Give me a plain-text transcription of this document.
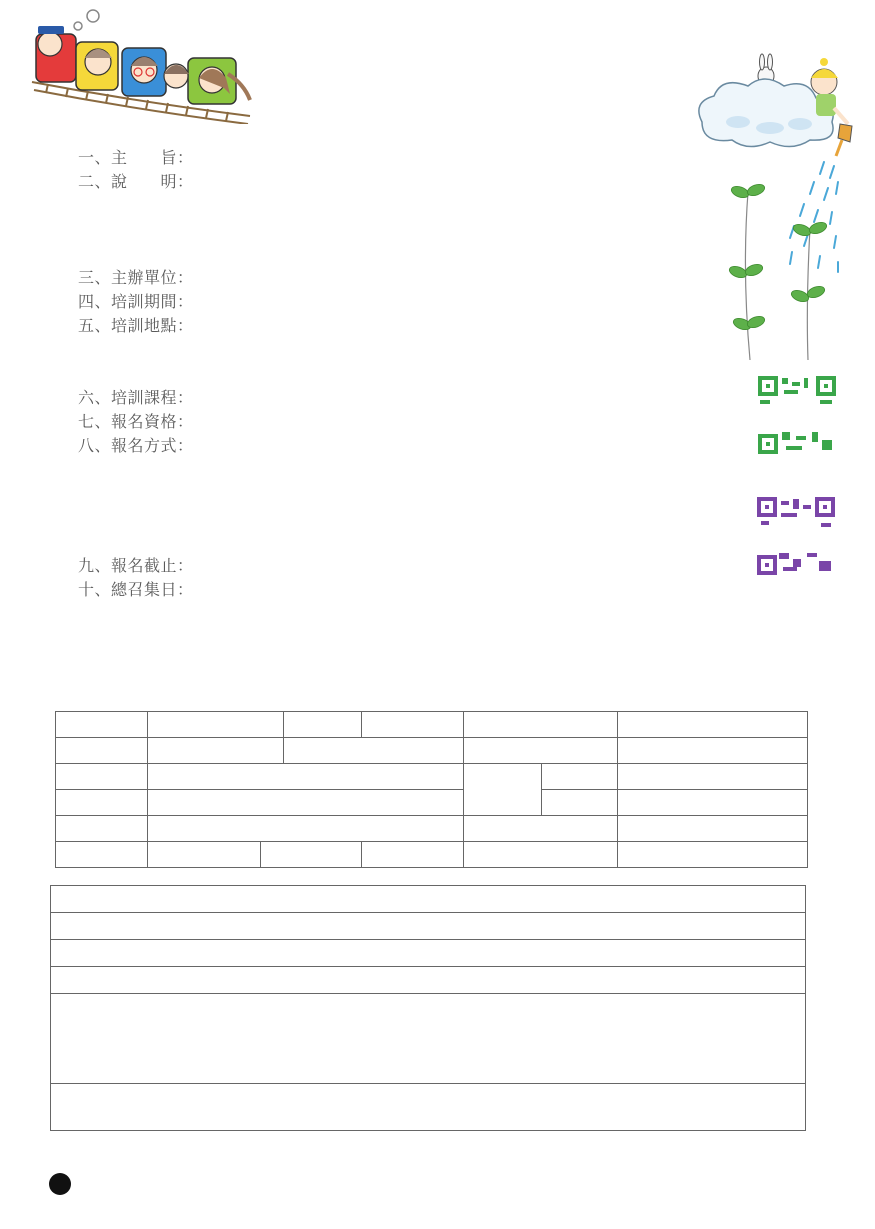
一、主　　旨：
二、說　　明：
三、主辦單位：
四、培訓期間：
五、培訓地點：
六、培訓課程：
七、報名資格：
八、報名方式：
九、報名截止：
十、總召集日：
